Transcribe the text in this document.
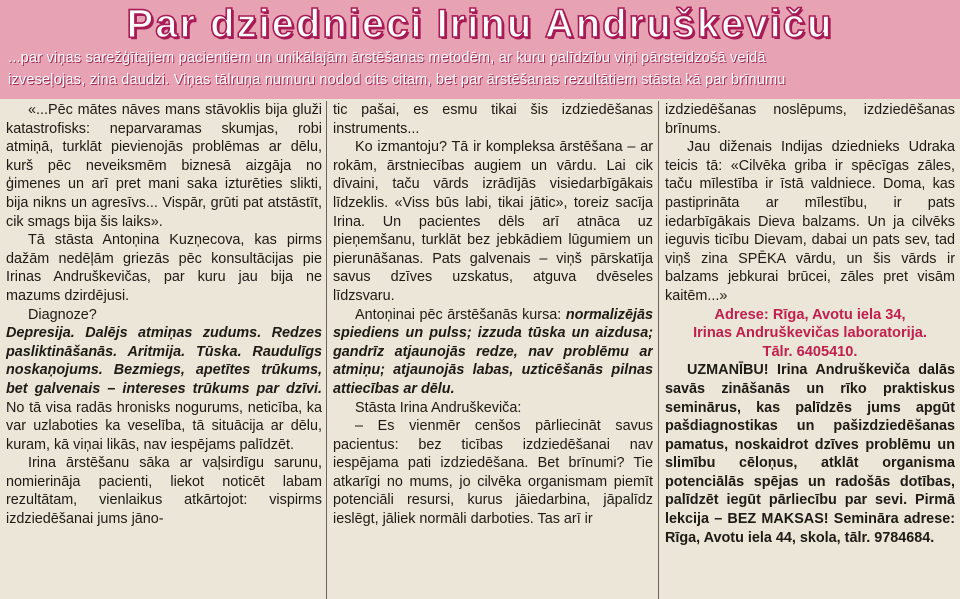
Par dziednieci Irinu Andruškeviču
...par viņas sarežģītajiem pacientiem un unikālajām ārstēšanas metodēm, ar kuru palīdzību viņi pārsteidzošā veidā
izveseļojas, zina daudzi. Viņas tālruņa numuru nodod cits citam, bet par ārstēšanas rezultātiem stāsta kā par brīnumu

«...Pēc mātes nāves mans stāvoklis bija gluži katastrofisks: neparvaramas skumjas, robi atmiņā, turklāt pievienojās problēmas ar dēlu, kurš pēc neveiksmēm biznesā aizgāja no ģimenes un arī pret mani saka izturēties slikti, bija nikns un agresīvs... Vispār, grūti pat atstāstīt, cik smags bija šis laiks».

Tā stāsta Antoņina Kuzņecova, kas pirms dažām nedēļām griezās pēc konsultācijas pie Irinas Andruškevičas, par kuru jau bija ne mazums dzirdējusi.

Diagnoze?

Depresija. Dalējs atmiņas zudums. Redzes pasliktināšanās. Aritmija. Tūska. Raudulīgs noskaņojums. Bezmiegs, apetītes trūkums, bet galvenais – intereses trūkums par dzīvi. No tā visa radās hronisks nogurums, neticība, ka var uzlaboties ka veselība, tā situācija ar dēlu, kuram, kā viņai likās, nav iespējams palīdzēt.

Irina ārstēšanu sāka ar vaļsirdīgu sarunu, nomierināja pacienti, liekot noticēt labam rezultātam, vienlaikus atkārtojot: vispirms izdziedēšanai jums jāno-

tic pašai, es esmu tikai šis izdziedēšanas instruments...

Ko izmantoju? Tā ir kompleksa ārstēšana – ar rokām, ārstniecības augiem un vārdu. Lai cik dīvaini, taču vārds izrādījās visiedarbīgākais līdzeklis. «Viss būs labi, tikai jātic», toreiz sacīja Irina. Un pacientes dēls arī atnāca uz pieņemšanu, turklāt bez jebkādiem lūgumiem un pierunāšanas. Pats galvenais – viņš pārskatīja savus dzīves uzskatus, atguva dvēseles līdzsvaru.

Antoņinai pēc ārstēšanās kursa: normalizējās spiediens un pulss; izzuda tūska un aizdusa; gandrīz atjaunojās redze, nav problēmu ar atmiņu; atjaunojās labas, uzticēšanās pilnas attiecības ar dēlu.

Stāsta Irina Andruškeviča:

– Es vienmēr cenšos pārliecināt savus pacientus: bez ticības izdziedēšanai nav iespējama pati izdziedēšana. Bet brīnumi? Tie atkarīgi no mums, jo cilvēka organismam piemīt potenciāli resursi, kurus jāiedarbina, jāpalīdz ieslēgt, jāliek normāli darboties. Tas arī ir

izdziedēšanas noslēpums, izdziedēšanas brīnums.

Jau diženais Indijas dziednieks Udraka teicis tā: «Cilvēka griba ir spēcīgas zāles, taču mīlestība ir īstā valdniece. Doma, kas pastiprināta ar mīlestību, ir pats iedarbīgākais Dieva balzams. Un ja cilvēks ieguvis ticību Dievam, dabai un pats sev, tad viņš zina SPĒKA vārdu, un šis vārds ir balzams jebkurai brūcei, zāles pret visām kaitēm...»

Adrese: Rīga, Avotu iela 34,
Irinas Andruškevičas laboratorija.
Tālr. 6405410.

UZMANĪBU! Irina Andruškeviča dalās savās zināšanās un rīko praktiskus seminārus, kas palīdzēs jums apgūt pašdiagnostikas un pašizdziedēšanas pamatus, noskaidrot dzīves problēmu un slimību cēloņus, atklāt organisma potenciālās spējas un radošās dotības, palīdzēt iegūt pārliecību par sevi. Pirmā lekcija – BEZ MAKSAS! Semināra adrese: Rīga, Avotu iela 44, skola, tālr. 9784684.
